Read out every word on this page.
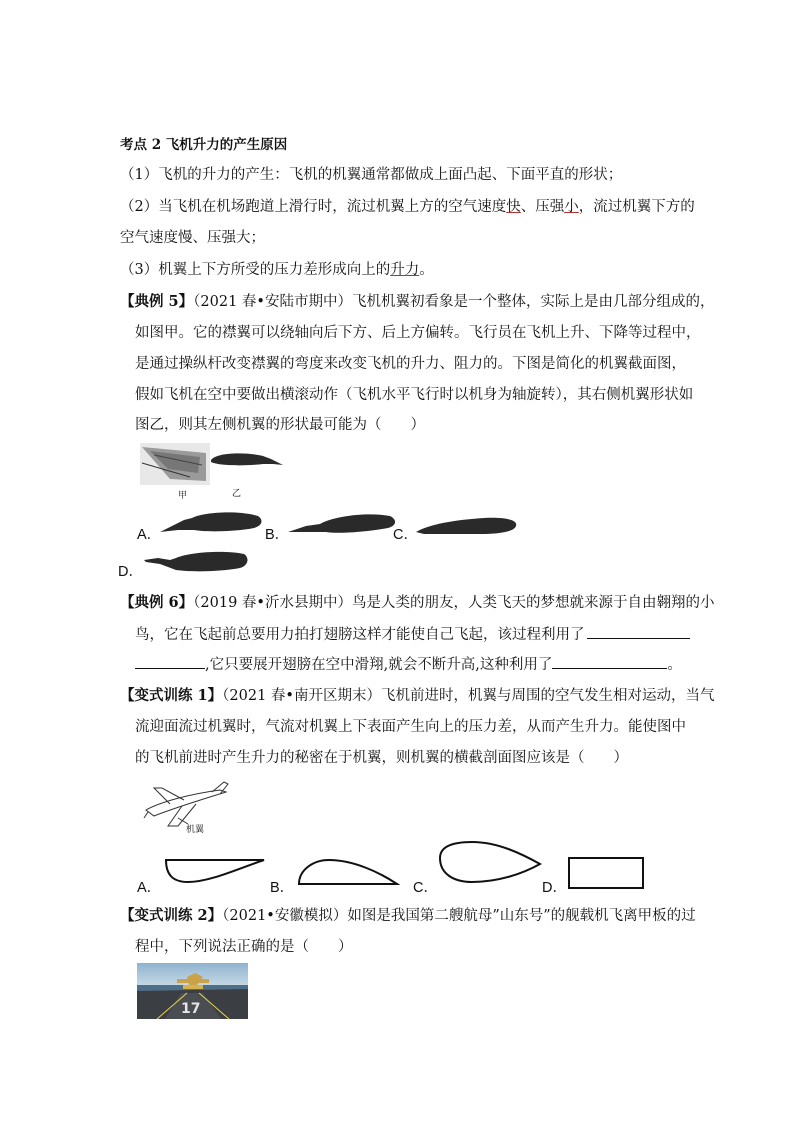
考点 2 飞机升力的产生原因
（1）飞机的升力的产生：飞机的机翼通常都做成上面凸起、下面平直的形状；
（2）当飞机在机场跑道上滑行时，流过机翼上方的空气速度快、压强小，流过机翼下方的
空气速度慢、压强大；
（3）机翼上下方所受的压力差形成向上的升力。
【典例 5】（2021 春•安陆市期中）飞机机翼初看象是一个整体，实际上是由几部分组成的，
如图甲。它的襟翼可以绕轴向后下方、后上方偏转。飞行员在飞机上升、下降等过程中，
是通过操纵杆改变襟翼的弯度来改变飞机的升力、阻力的。下图是简化的机翼截面图，
假如飞机在空中要做出横滚动作（飞机水平飞行时以机身为轴旋转），其右侧机翼形状如
图乙，则其左侧机翼的形状最可能为（　　）
甲	乙
A．	B．	C．
D．
【典例 6】（2019 春•沂水县期中）鸟是人类的朋友，人类飞天的梦想就来源于自由翱翔的小
鸟，它在飞起前总要用力拍打翅膀这样才能使自己飞起，该过程利用了
,它只要展开翅膀在空中滑翔,就会不断升高,这种利用了	。
【变式训练 1】（2021 春•南开区期末）飞机前进时，机翼与周围的空气发生相对运动，当气
流迎面流过机翼时，气流对机翼上下表面产生向上的压力差，从而产生升力。能使图中
的飞机前进时产生升力的秘密在于机翼，则机翼的横截剖面图应该是（　　）
机翼
A．	B．	C．	D．
【变式训练 2】（2021•安徽模拟）如图是我国第二艘航母”山东号”的舰载机飞离甲板的过
程中，下列说法正确的是（　　）
17
